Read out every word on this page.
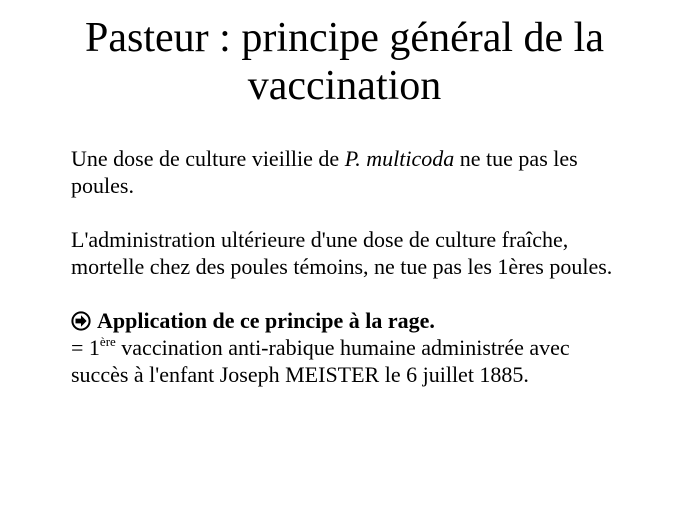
Pasteur : principe général de la vaccination

Une dose de culture vieillie de P. multicoda ne tue pas les poules.

L'administration ultérieure d'une dose de culture fraîche, mortelle chez des poules témoins, ne tue pas les 1ères poules.

Application de ce principe à la rage.
= 1ère vaccination anti-rabique humaine administrée avec succès à l'enfant Joseph MEISTER le 6 juillet 1885.
